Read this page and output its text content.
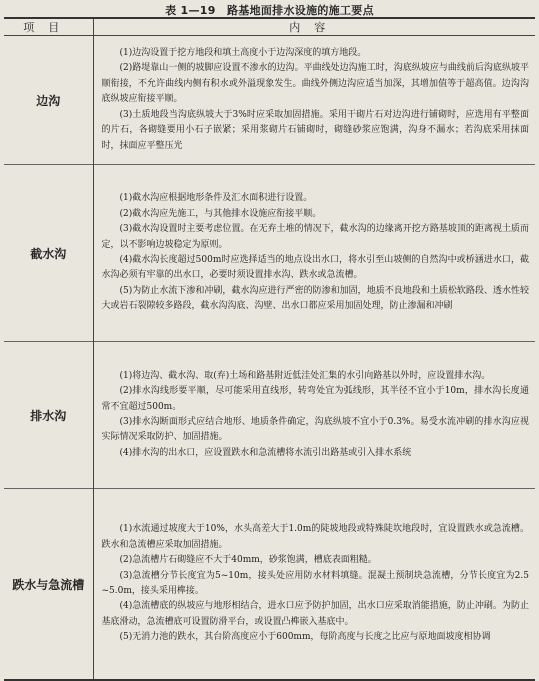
表 1—19　路基地面排水设施的施工要点
项目	内容
边沟	(1)边沟设置于挖方地段和填土高度小于边沟深度的填方地段。

(2)路堤靠山一侧的坡脚应设置不渗水的边沟。平曲线处边沟施工时，沟底纵坡应与曲线前后沟底纵坡平顺衔接，不允许曲线内侧有积水或外溢现象发生。曲线外侧边沟应适当加深，其增加值等于超高值。边沟沟底纵坡应衔接平顺。

(3)土质地段当沟底纵坡大于3%时应采取加固措施。采用干砌片石对边沟进行铺砌时，应选用有平整面的片石，各砌缝要用小石子嵌紧；采用浆砌片石铺砌时，砌缝砂浆应饱满，沟身不漏水；若沟底采用抹面时，抹面应平整压光

截水沟	(1)截水沟应根据地形条件及汇水面积进行设置。

(2)截水沟应先施工，与其他排水设施应衔接平顺。

(3)截水沟设置时主要考虑位置。在无弃土堆的情况下，截水沟的边缘离开挖方路基坡顶的距离视土质而定，以不影响边坡稳定为原则。

(4)截水沟长度超过500m时应选择适当的地点设出水口，将水引至山坡侧的自然沟中或桥涵进水口，截水沟必须有牢靠的出水口，必要时须设置排水沟、跌水或急流槽。

(5)为防止水流下渗和冲刷，截水沟应进行严密的防渗和加固，地质不良地段和土质松软路段、透水性较大或岩石裂隙较多路段，截水沟沟底、沟壁、出水口都应采用加固处理，防止渗漏和冲刷

排水沟	(1)将边沟、截水沟、取(弃)土场和路基附近低洼处汇集的水引向路基以外时，应设置排水沟。

(2)排水沟线形要平顺，尽可能采用直线形，转弯处宜为弧线形，其半径不宜小于10m，排水沟长度通常不宜超过500m。

(3)排水沟断面形式应结合地形、地质条件确定，沟底纵坡不宜小于0.3%。易受水流冲刷的排水沟应视实际情况采取防护、加固措施。

(4)排水沟的出水口，应设置跌水和急流槽将水流引出路基或引入排水系统

跌水与急流槽	(1)水流通过坡度大于10%，水头高差大于1.0m的陡坡地段或特殊陡坎地段时，宜设置跌水或急流槽。跌水和急流槽应采取加固措施。

(2)急流槽片石砌缝应不大于40mm，砂浆饱满，槽底表面粗糙。

(3)急流槽分节长度宜为5~10m，接头处应用防水材料填缝。混凝土预制块急流槽，分节长度宜为2.5~5.0m，接头采用榫接。

(4)急流槽底的纵坡应与地形相结合，进水口应予防护加固，出水口应采取消能措施，防止冲刷。为防止基底滑动，急流槽底可设置防滑平台，或设置凸榫嵌入基底中。

(5)无消力池的跌水，其台阶高度应小于600mm，每阶高度与长度之比应与原地面坡度相协调
